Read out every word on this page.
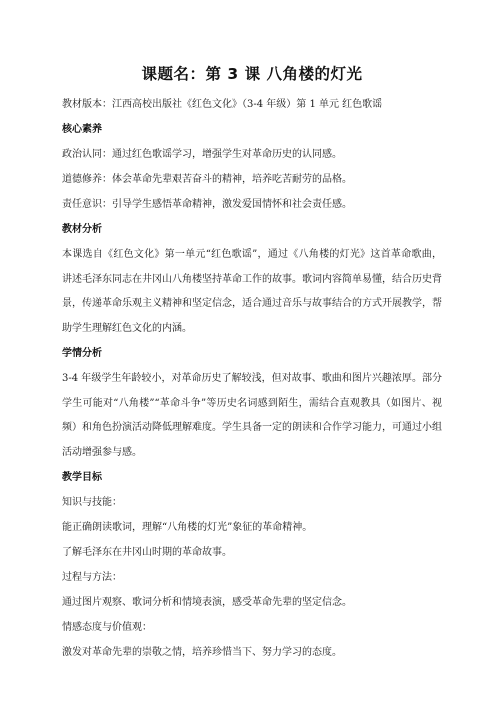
课题名：第 3 课 八角楼的灯光
教材版本：江西高校出版社《红色文化》（3-4 年级）第 1 单元 红色歌谣
核心素养
政治认同：通过红色歌谣学习，增强学生对革命历史的认同感。
道德修养：体会革命先辈艰苦奋斗的精神，培养吃苦耐劳的品格。
责任意识：引导学生感悟革命精神，激发爱国情怀和社会责任感。
教材分析
本课选自《红色文化》第一单元“红色歌谣”，通过《八角楼的灯光》这首革命歌曲，讲述毛泽东同志在井冈山八角楼坚持革命工作的故事。歌词内容简单易懂，结合历史背景，传递革命乐观主义精神和坚定信念，适合通过音乐与故事结合的方式开展教学，帮助学生理解红色文化的内涵。
学情分析
3-4 年级学生年龄较小，对革命历史了解较浅，但对故事、歌曲和图片兴趣浓厚。部分学生可能对“八角楼”“革命斗争”等历史名词感到陌生，需结合直观教具（如图片、视频）和角色扮演活动降低理解难度。学生具备一定的朗读和合作学习能力，可通过小组活动增强参与感。
教学目标
知识与技能：
能正确朗读歌词，理解“八角楼的灯光”象征的革命精神。
了解毛泽东在井冈山时期的革命故事。
过程与方法：
通过图片观察、歌词分析和情境表演，感受革命先辈的坚定信念。
情感态度与价值观：
激发对革命先辈的崇敬之情，培养珍惜当下、努力学习的态度。
